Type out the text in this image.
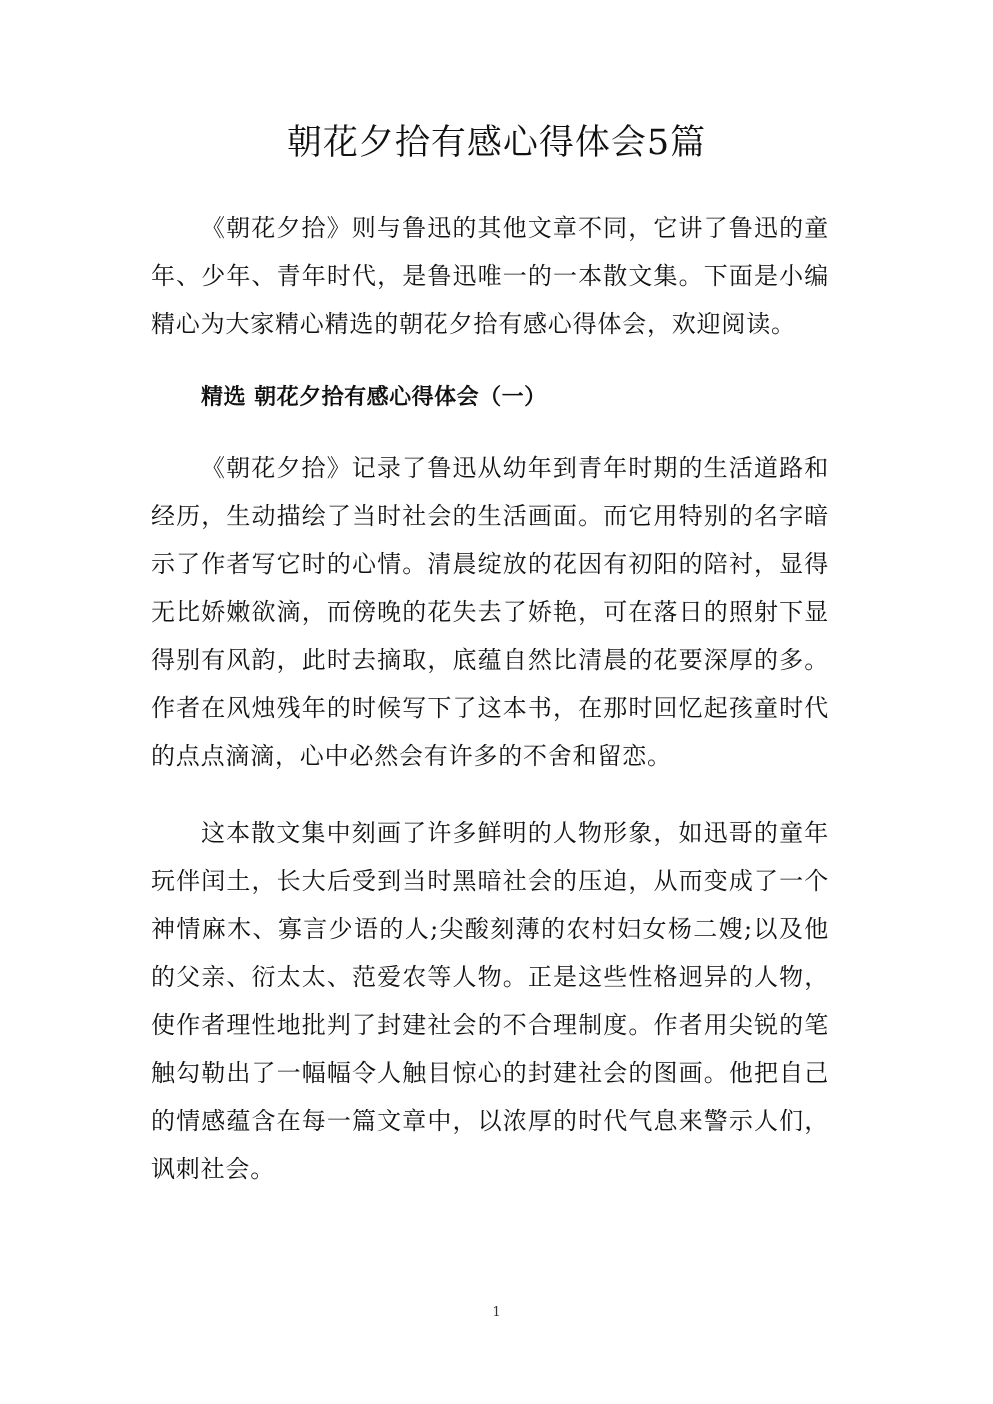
朝花夕拾有感心得体会5篇

《朝花夕拾》则与鲁迅的其他文章不同，它讲了鲁迅的童年、少年、青年时代，是鲁迅唯一的一本散文集。下面是小编精心为大家精心精选的朝花夕拾有感心得体会，欢迎阅读。

精选 朝花夕拾有感心得体会（一）

《朝花夕拾》记录了鲁迅从幼年到青年时期的生活道路和经历，生动描绘了当时社会的生活画面。而它用特别的名字暗示了作者写它时的心情。清晨绽放的花因有初阳的陪衬，显得无比娇嫩欲滴，而傍晚的花失去了娇艳，可在落日的照射下显得别有风韵，此时去摘取，底蕴自然比清晨的花要深厚的多。作者在风烛残年的时候写下了这本书，在那时回忆起孩童时代的点点滴滴，心中必然会有许多的不舍和留恋。

这本散文集中刻画了许多鲜明的人物形象，如迅哥的童年玩伴闰土，长大后受到当时黑暗社会的压迫，从而变成了一个神情麻木、寡言少语的人;尖酸刻薄的农村妇女杨二嫂;以及他的父亲、衍太太、范爱农等人物。正是这些性格迥异的人物，使作者理性地批判了封建社会的不合理制度。作者用尖锐的笔触勾勒出了一幅幅令人触目惊心的封建社会的图画。他把自己的情感蕴含在每一篇文章中，以浓厚的时代气息来警示人们，讽刺社会。

1
